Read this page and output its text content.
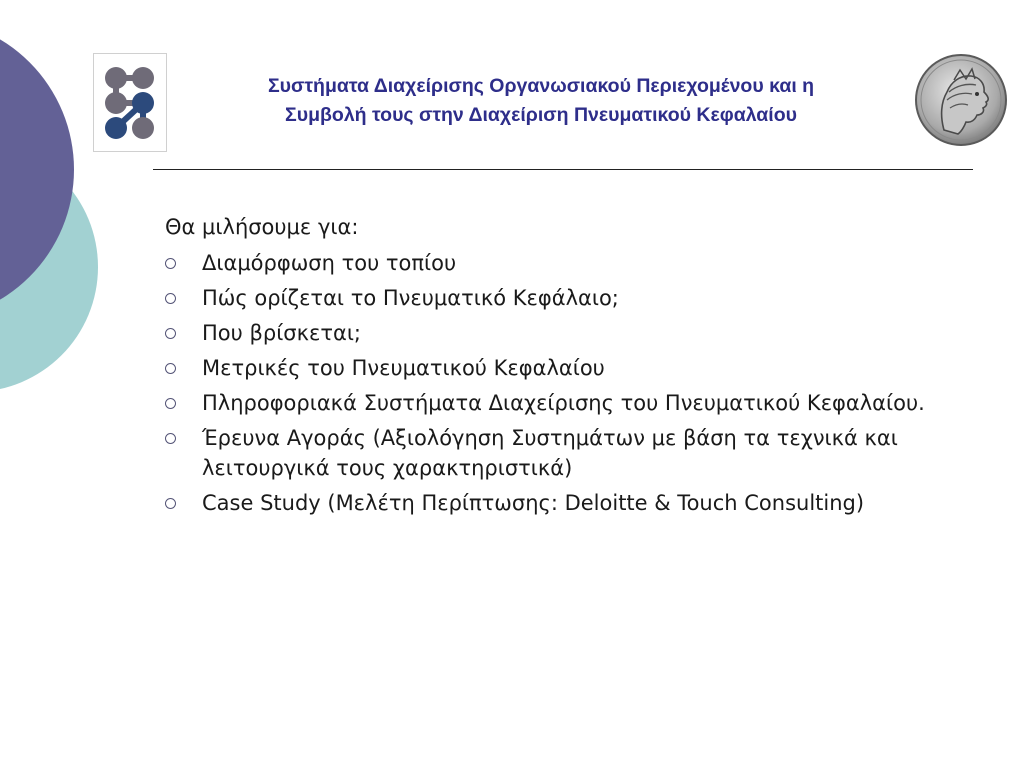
Συστήματα Διαχείρισης Οργανωσιακού Περιεχομένου και η
Συμβολή τους στην Διαχείριση Πνευματικού Κεφαλαίου
Θα μιλήσουμε για:
Διαμόρφωση του τοπίου
Πώς ορίζεται το Πνευματικό Κεφάλαιο;
Που βρίσκεται;
Μετρικές του Πνευματικού Κεφαλαίου
Πληροφοριακά Συστήματα Διαχείρισης του Πνευματικού Κεφαλαίου.
Έρευνα Αγοράς (Αξιολόγηση Συστημάτων με βάση τα τεχνικά και λειτουργικά τους χαρακτηριστικά)
Case Study (Μελέτη Περίπτωσης: Deloitte & Touch Consulting)
